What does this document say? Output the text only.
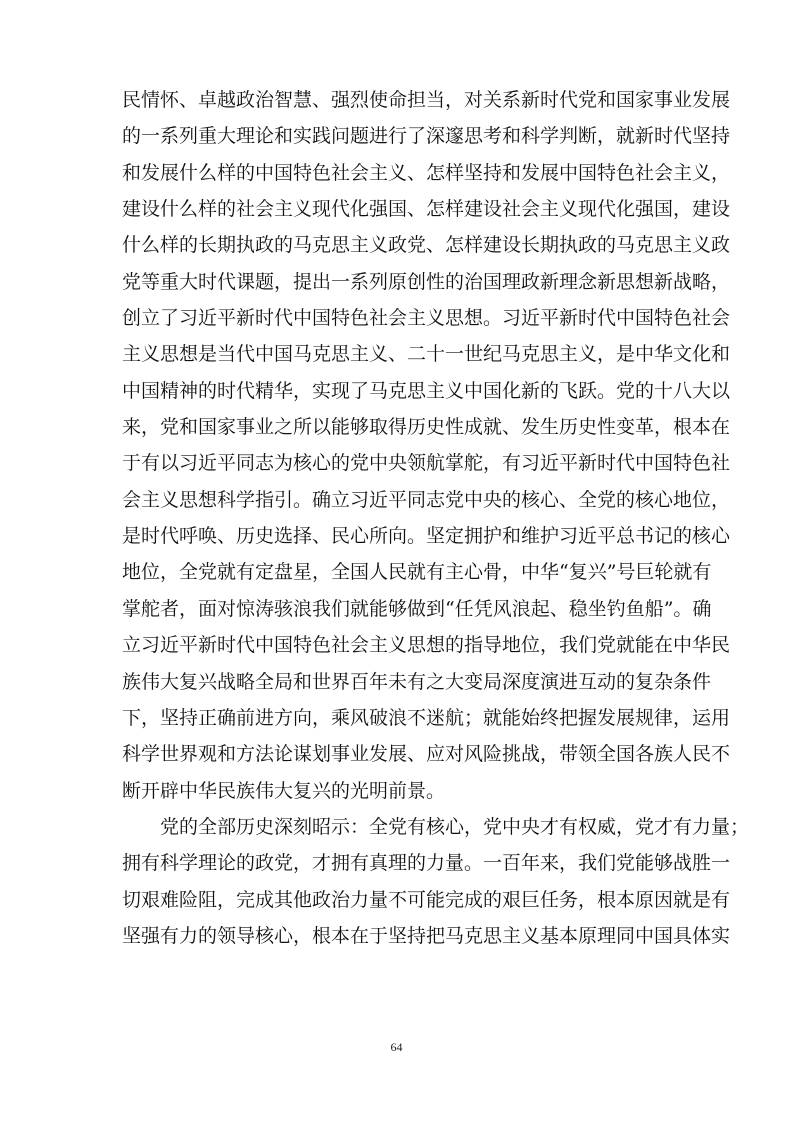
民情怀、卓越政治智慧、强烈使命担当，对关系新时代党和国家事业发展
的一系列重大理论和实践问题进行了深邃思考和科学判断，就新时代坚持
和发展什么样的中国特色社会主义、怎样坚持和发展中国特色社会主义，
建设什么样的社会主义现代化强国、怎样建设社会主义现代化强国，建设
什么样的长期执政的马克思主义政党、怎样建设长期执政的马克思主义政
党等重大时代课题，提出一系列原创性的治国理政新理念新思想新战略，
创立了习近平新时代中国特色社会主义思想。习近平新时代中国特色社会
主义思想是当代中国马克思主义、二十一世纪马克思主义，是中华文化和
中国精神的时代精华，实现了马克思主义中国化新的飞跃。党的十八大以
来，党和国家事业之所以能够取得历史性成就、发生历史性变革，根本在
于有以习近平同志为核心的党中央领航掌舵，有习近平新时代中国特色社
会主义思想科学指引。确立习近平同志党中央的核心、全党的核心地位，
是时代呼唤、历史选择、民心所向。坚定拥护和维护习近平总书记的核心
地位，全党就有定盘星，全国人民就有主心骨，中华“复兴”号巨轮就有
掌舵者，面对惊涛骇浪我们就能够做到“任凭风浪起、稳坐钓鱼船”。确
立习近平新时代中国特色社会主义思想的指导地位，我们党就能在中华民
族伟大复兴战略全局和世界百年未有之大变局深度演进互动的复杂条件
下，坚持正确前进方向，乘风破浪不迷航；就能始终把握发展规律，运用
科学世界观和方法论谋划事业发展、应对风险挑战，带领全国各族人民不
断开辟中华民族伟大复兴的光明前景。
党的全部历史深刻昭示：全党有核心，党中央才有权威，党才有力量；
拥有科学理论的政党，才拥有真理的力量。一百年来，我们党能够战胜一
切艰难险阻，完成其他政治力量不可能完成的艰巨任务，根本原因就是有
坚强有力的领导核心，根本在于坚持把马克思主义基本原理同中国具体实
64
